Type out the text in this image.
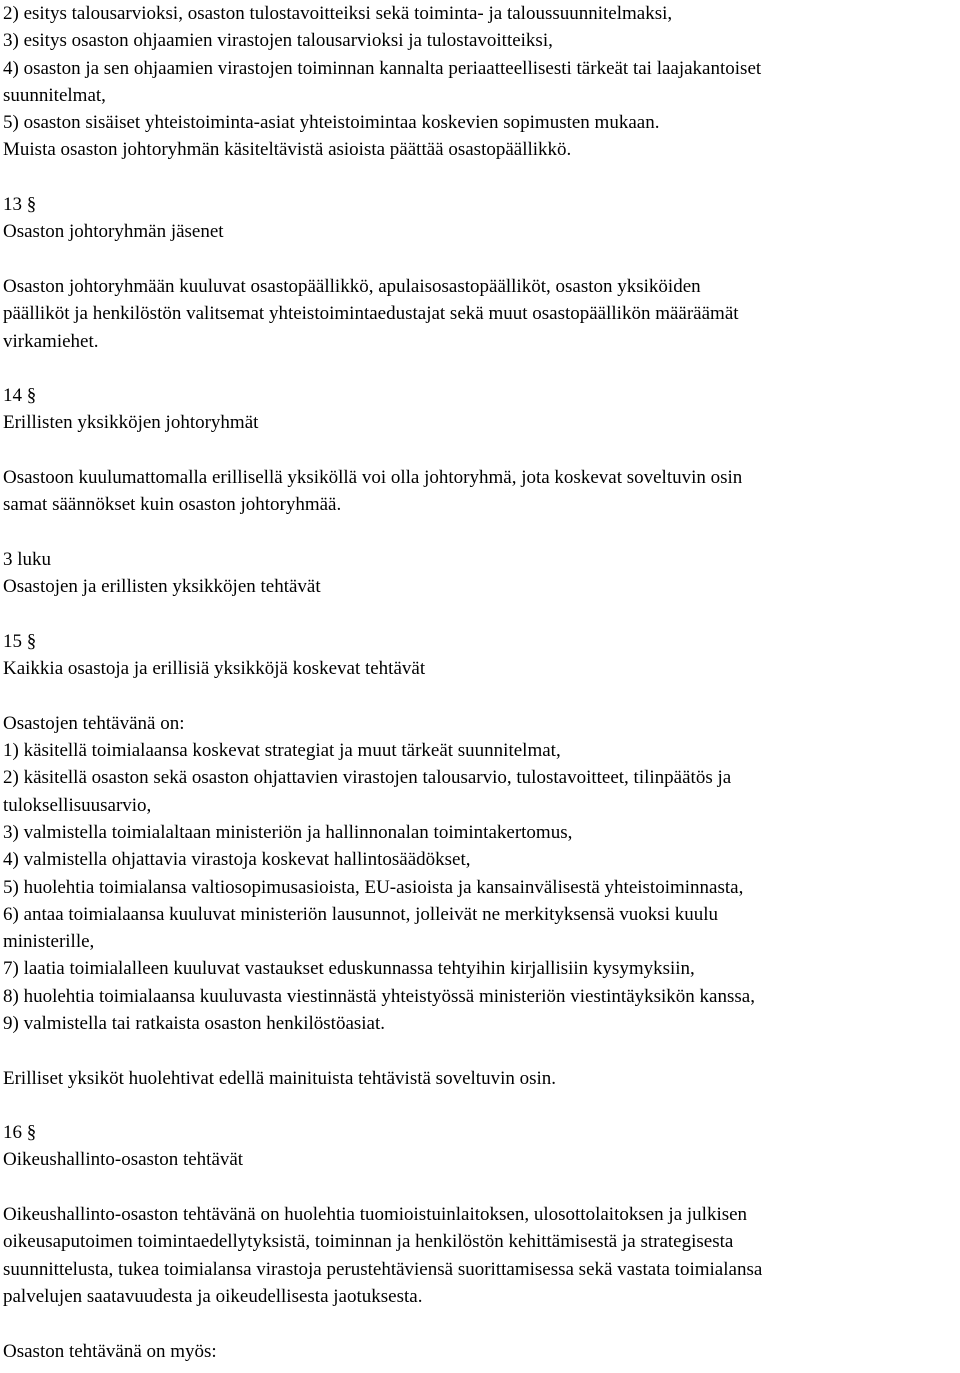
2) esitys talousarvioksi, osaston tulostavoitteiksi sekä toiminta- ja taloussuunnitelmaksi,
3) esitys osaston ohjaamien virastojen talousarvioksi ja tulostavoitteiksi,
4) osaston ja sen ohjaamien virastojen toiminnan kannalta periaatteellisesti tärkeät tai laajakantoiset
suunnitelmat,
5) osaston sisäiset yhteistoiminta-asiat yhteistoimintaa koskevien sopimusten mukaan.
Muista osaston johtoryhmän käsiteltävistä asioista päättää osastopäällikkö.
13 §
Osaston johtoryhmän jäsenet
Osaston johtoryhmään kuuluvat osastopäällikkö, apulaisosastopäälliköt, osaston yksiköiden
päälliköt ja henkilöstön valitsemat yhteistoimintaedustajat sekä muut osastopäällikön määräämät
virkamiehet.
14 §
Erillisten yksikköjen johtoryhmät
Osastoon kuulumattomalla erillisellä yksiköllä voi olla johtoryhmä, jota koskevat soveltuvin osin
samat säännökset kuin osaston johtoryhmää.
3 luku
Osastojen ja erillisten yksikköjen tehtävät
15 §
Kaikkia osastoja ja erillisiä yksikköjä koskevat tehtävät
Osastojen tehtävänä on:
1) käsitellä toimialaansa koskevat strategiat ja muut tärkeät suunnitelmat,
2) käsitellä osaston sekä osaston ohjattavien virastojen talousarvio, tulostavoitteet, tilinpäätös ja
tuloksellisuusarvio,
3) valmistella toimialaltaan ministeriön ja hallinnonalan toimintakertomus,
4) valmistella ohjattavia virastoja koskevat hallintosäädökset,
5) huolehtia toimialansa valtiosopimusasioista, EU-asioista ja kansainvälisestä yhteistoiminnasta,
6) antaa toimialaansa kuuluvat ministeriön lausunnot, jolleivät ne merkityksensä vuoksi kuulu
ministerille,
7) laatia toimialalleen kuuluvat vastaukset eduskunnassa tehtyihin kirjallisiin kysymyksiin,
8) huolehtia toimialaansa kuuluvasta viestinnästä yhteistyössä ministeriön viestintäyksikön kanssa,
9) valmistella tai ratkaista osaston henkilöstöasiat.
Erilliset yksiköt huolehtivat edellä mainituista tehtävistä soveltuvin osin.
16 §
Oikeushallinto-osaston tehtävät
Oikeushallinto-osaston tehtävänä on huolehtia tuomioistuinlaitoksen, ulosottolaitoksen ja julkisen
oikeusaputoimen toimintaedellytyksistä, toiminnan ja henkilöstön kehittämisestä ja strategisesta
suunnittelusta, tukea toimialansa virastoja perustehtäviensä suorittamisessa sekä vastata toimialansa
palvelujen saatavuudesta ja oikeudellisesta jaotuksesta.
Osaston tehtävänä on myös:
